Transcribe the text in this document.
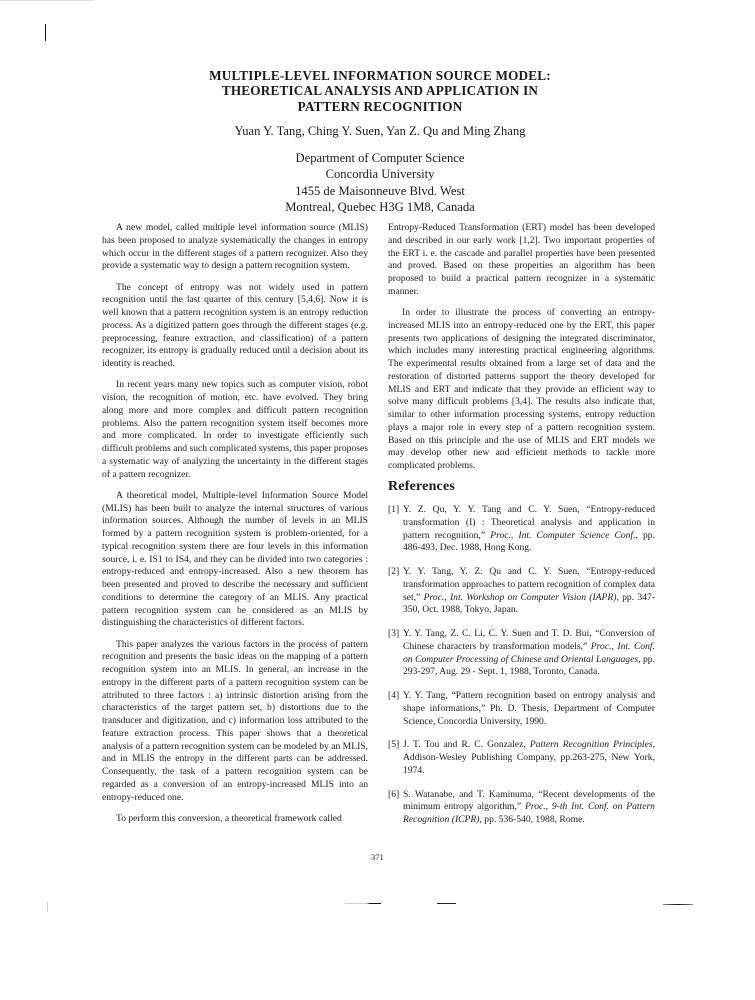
MULTIPLE-LEVEL INFORMATION SOURCE MODEL:
THEORETICAL ANALYSIS AND APPLICATION IN
PATTERN RECOGNITION
Yuan Y. Tang, Ching Y. Suen, Yan Z. Qu and Ming Zhang
Department of Computer Science
Concordia University
1455 de Maisonneuve Blvd. West
Montreal, Quebec H3G 1M8, Canada

A new model, called multiple level information source (MLIS) has been proposed to analyze systematically the changes in entropy which occur in the different stages of a pattern recognizer. Also they provide a systematic way to design a pattern recognition system.

The concept of entropy was not widely used in pattern recognition until the last quarter of this century [5,4,6]. Now it is well known that a pattern recognition system is an entropy reduction process. As a digitized pattern goes through the different stages (e.g. preprocessing, feature extraction, and classification) of a pattern recognizer, its entropy is gradually reduced until a decision about its identity is reached.

In recent years many new topics such as computer vision, robot vision, the recognition of motion, etc. have evolved. They bring along more and more complex and difficult pattern recognition problems. Also the pattern recognition system itself becomes more and more complicated. In order to investigate efficiently such difficult problems and such complicated systems, this paper proposes a systematic way of analyzing the uncertainty in the different stages of a pattern recognizer.

A theoretical model, Multiple-level Information Source Model (MLIS) has been built to analyze the internal structures of various information sources. Although the number of levels in an MLIS formed by a pattern recognition system is problem-oriented, for a typical recognition system there are four levels in this information source, i. e. IS1 to IS4, and they can be divided into two categories : entropy-reduced and entropy-increased. Also a new theorem has been presented and proved to describe the necessary and sufficient conditions to determine the category of an MLIS. Any practical pattern recognition system can be considered as an MLIS by distinguishing the characteristics of different factors.

This paper analyzes the various factors in the process of pattern recognition and presents the basic ideas on the mapping of a pattern recognition system into an MLIS. In general, an increase in the entropy in the different parts of a pattern recognition system can be attributed to three factors : a) intrinsic distortion arising from the characteristics of the target pattern set, b) distortions due to the transducer and digitization, and c) information loss attributed to the feature extraction process. This paper shows that a theoretical analysis of a pattern recognition system can be modeled by an MLIS, and in MLIS the entropy in the different parts can be addressed. Consequently, the task of a pattern recognition system can be regarded as a conversion of an entropy-increased MLIS into an entropy-reduced one.

To perform this conversion, a theoretical framework called

Entropy-Reduced Transformation (ERT) model has been developed and described in our early work [1,2]. Two important properties of the ERT i. e. the cascade and parallel properties have been presented and proved. Based on these properties an algorithm has been proposed to build a practical pattern recognizer in a systematic manner.

In order to illustrate the process of converting an entropy-increased MLIS into an entropy-reduced one by the ERT, this paper presents two applications of designing the integrated discriminator, which includes many interesting practical engineering algorithms. The experimental results obtained from a large set of data and the restoration of distorted patterns support the theory developed for MLIS and ERT and indicate that they provide an efficient way to solve many difficult problems [3,4]. The results also indicate that, similar to other information processing systems, entropy reduction plays a major role in every step of a pattern recognition system. Based on this principle and the use of MLIS and ERT models we may develop other new and efficient methods to tackle more complicated problems.

References
[1] Y. Z. Qu, Y. Y. Tang and C. Y. Suen, “Entropy-reduced transformation (I) : Theoretical analysis and application in pattern recognition,” Proc., Int. Computer Science Conf., pp. 486-493, Dec. 1988, Hong Kong.
[2] Y. Y. Tang, Y. Z. Qu and C. Y. Suen, “Entropy-reduced transformation approaches to pattern recognition of complex data set,” Proc., Int. Workshop on Computer Vision (IAPR), pp. 347-350, Oct. 1988, Tokyo, Japan.
[3] Y. Y. Tang, Z. C. Li, C. Y. Suen and T. D. Bui, “Conversion of Chinese characters by transformation models,” Proc., Int. Conf. on Computer Processing of Chinese and Oriental Languages, pp. 293-297, Aug. 29 - Sept. 1, 1988, Toronto, Canada.
[4] Y. Y. Tang, “Pattern recognition based on entropy analysis and shape informations,” Ph. D. Thesis, Department of Computer Science, Concordia University, 1990.
[5] J. T. Tou and R. C. Gonzalez, Pattern Recognition Principles, Addison-Wesley Publishing Company, pp.263-275, New York, 1974.
[6] S. Watanabe, and T. Kaminuma, “Recent developments of the minimum entropy algorithm,” Proc., 9-th Int. Conf. on Pattern Recognition (ICPR), pp. 536-540, 1988, Rome.
371
